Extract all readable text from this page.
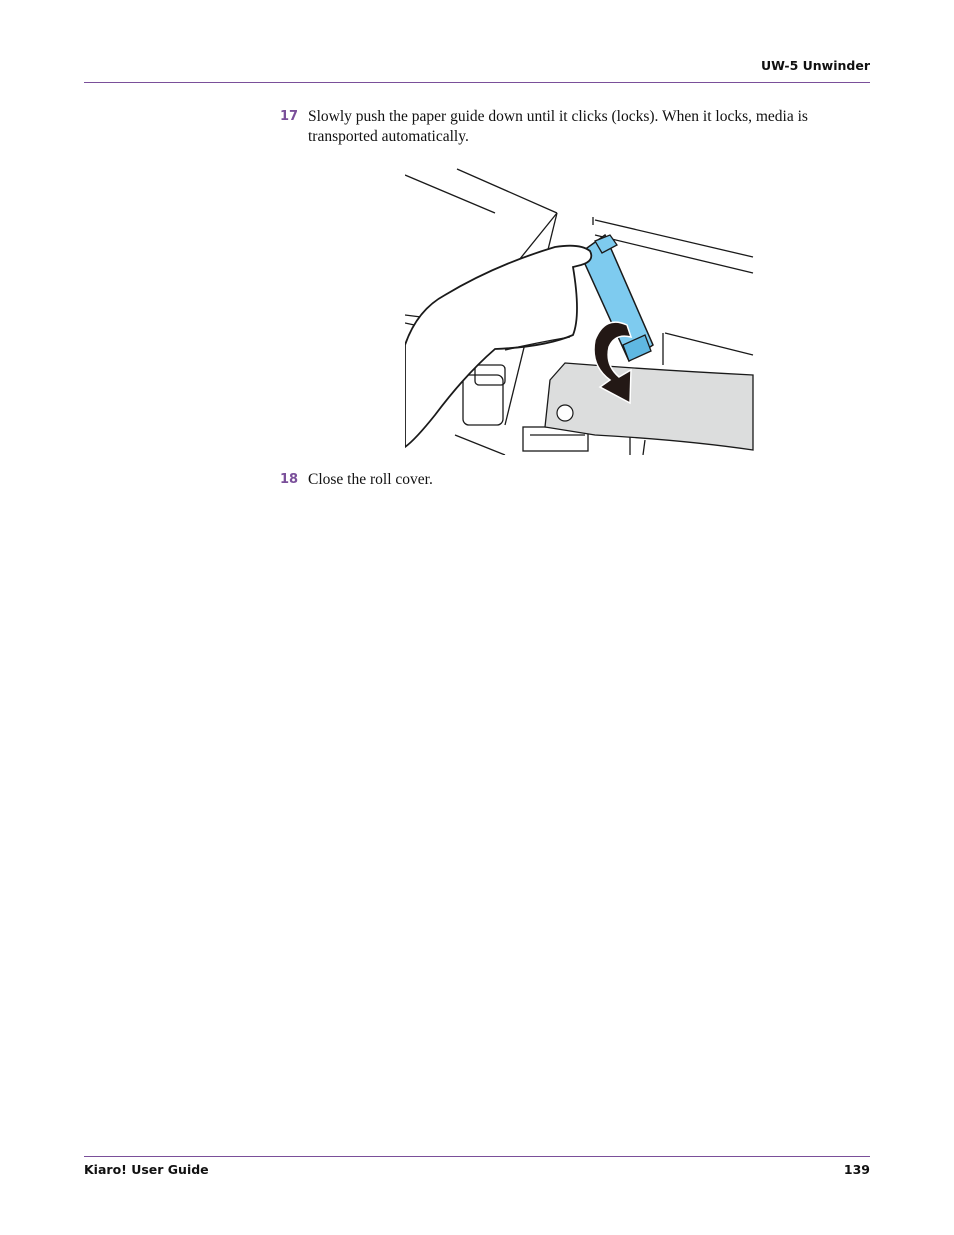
UW-5 Unwinder
17 Slowly push the paper guide down until it clicks (locks). When it locks, media is transported automatically.
18 Close the roll cover.
Kiaro! User Guide	139
